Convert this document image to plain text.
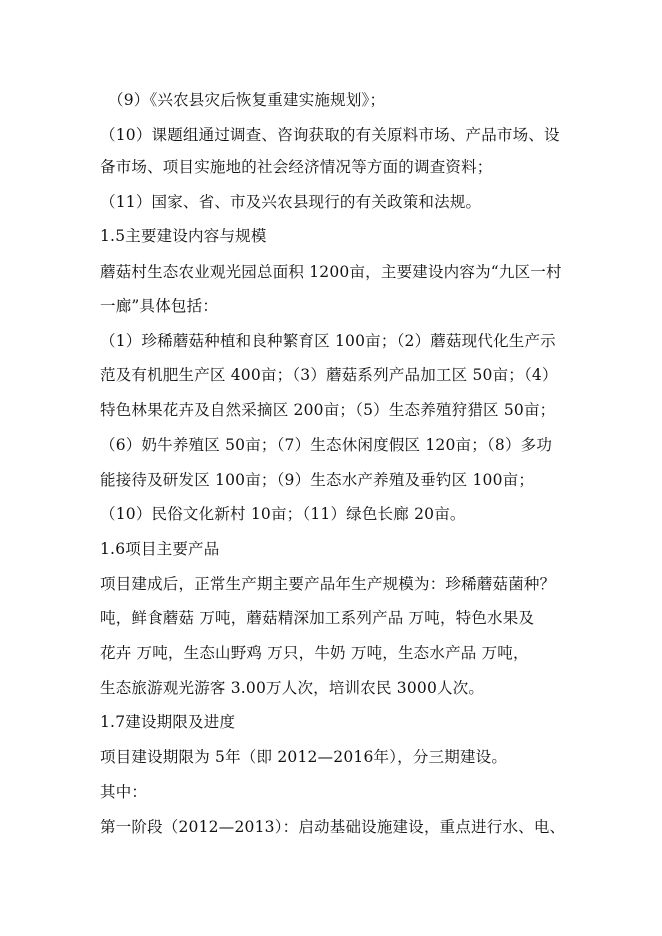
（9）《兴农县灾后恢复重建实施规划》；
（10）课题组通过调查、咨询获取的有关原料市场、产品市场、设
备市场、项目实施地的社会经济情况等方面的调查资料；
（11）国家、省、市及兴农县现行的有关政策和法规。
1.5主要建设内容与规模
蘑菇村生态农业观光园总面积 1200亩，主要建设内容为“九区一村
一廊”具体包括：
（1）珍稀蘑菇种植和良种繁育区 100亩；（2）蘑菇现代化生产示
范及有机肥生产区 400亩；（3）蘑菇系列产品加工区 50亩；（4）
特色林果花卉及自然采摘区 200亩；（5）生态养殖狩猎区 50亩；
（6）奶牛养殖区 50亩；（7）生态休闲度假区 120亩；（8）多功
能接待及研发区 100亩；（9）生态水产养殖及垂钓区 100亩；
（10）民俗文化新村 10亩；（11）绿色长廊 20亩。
1.6项目主要产品
项目建成后，正常生产期主要产品年生产规模为：珍稀蘑菇菌种？
吨，鲜食蘑菇 万吨，蘑菇精深加工系列产品 万吨，特色水果及
花卉 万吨，生态山野鸡 万只，牛奶 万吨，生态水产品 万吨，
生态旅游观光游客 3.00万人次，培训农民 3000人次。
1.7建设期限及进度
项目建设期限为 5年（即 2012—2016年），分三期建设。
其中：
第一阶段（2012—2013）：启动基础设施建设，重点进行水、电、
